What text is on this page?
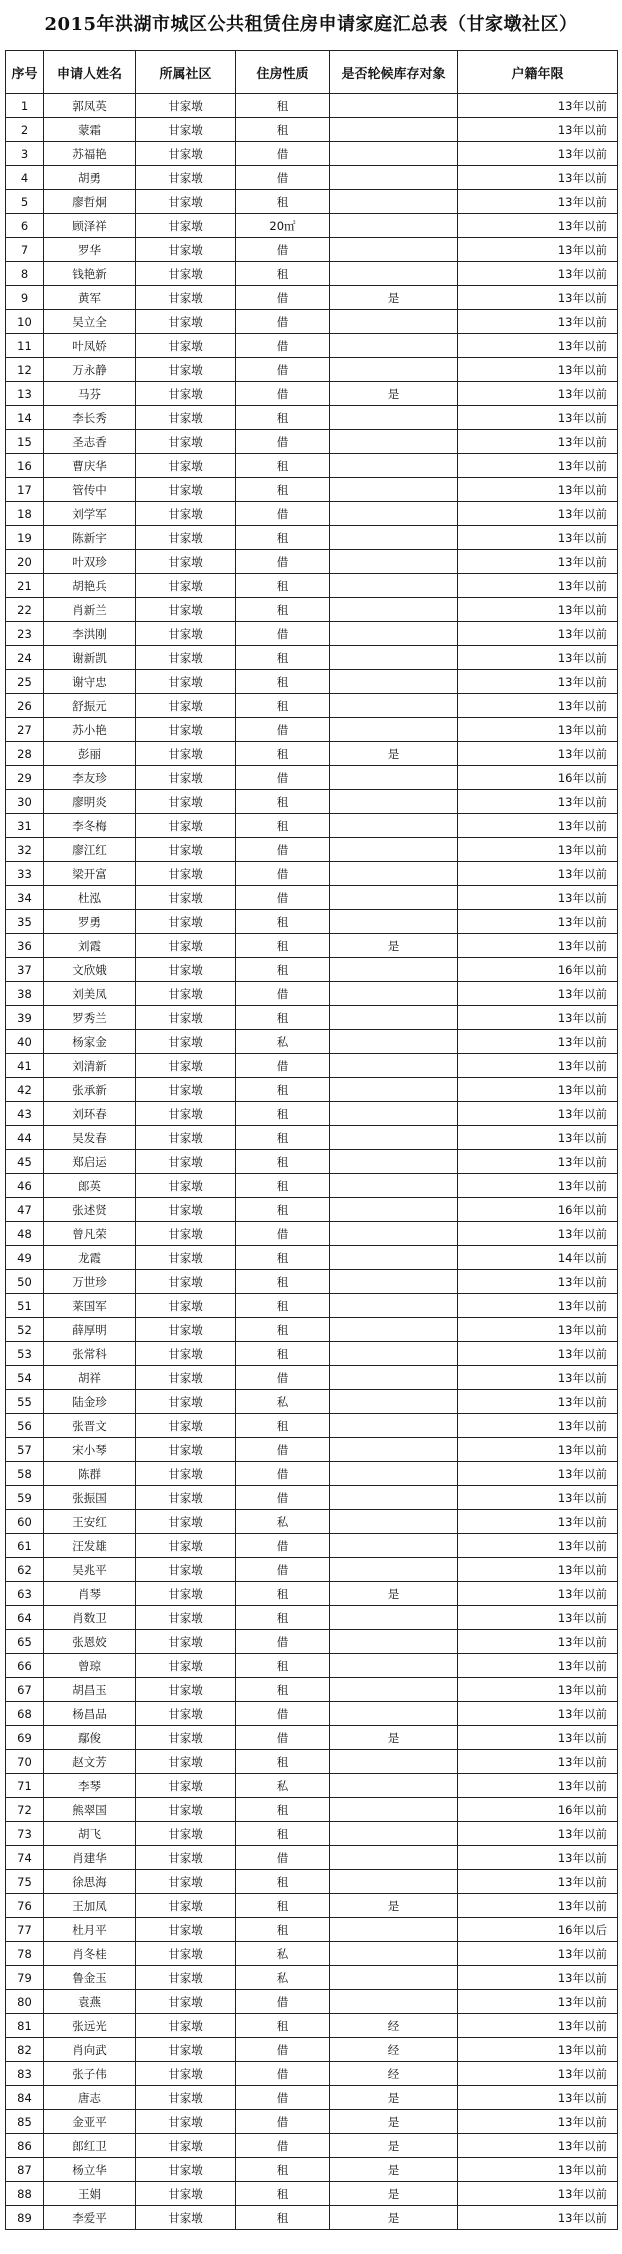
2015年洪湖市城区公共租赁住房申请家庭汇总表（甘家墩社区）
序号	申请人姓名	所属社区	住房性质	是否轮候库存对象	户籍年限
1	郭凤英	甘家墩	租		13年以前
2	蒙霜	甘家墩	租		13年以前
3	苏福艳	甘家墩	借		13年以前
4	胡勇	甘家墩	借		13年以前
5	廖哲炯	甘家墩	租		13年以前
6	顾泽祥	甘家墩	20㎡		13年以前
7	罗华	甘家墩	借		13年以前
8	钱艳新	甘家墩	租		13年以前
9	黄军	甘家墩	借	是	13年以前
10	吴立全	甘家墩	借		13年以前
11	叶凤娇	甘家墩	借		13年以前
12	万永静	甘家墩	借		13年以前
13	马芬	甘家墩	借	是	13年以前
14	李长秀	甘家墩	租		13年以前
15	圣志香	甘家墩	借		13年以前
16	曹庆华	甘家墩	租		13年以前
17	管传中	甘家墩	租		13年以前
18	刘学军	甘家墩	借		13年以前
19	陈新宇	甘家墩	租		13年以前
20	叶双珍	甘家墩	借		13年以前
21	胡艳兵	甘家墩	租		13年以前
22	肖新兰	甘家墩	租		13年以前
23	李洪刚	甘家墩	借		13年以前
24	谢新凯	甘家墩	租		13年以前
25	谢守忠	甘家墩	租		13年以前
26	舒振元	甘家墩	租		13年以前
27	苏小艳	甘家墩	借		13年以前
28	彭丽	甘家墩	租	是	13年以前
29	李友珍	甘家墩	借		16年以前
30	廖明炎	甘家墩	租		13年以前
31	李冬梅	甘家墩	租		13年以前
32	廖江红	甘家墩	借		13年以前
33	梁开富	甘家墩	借		13年以前
34	杜泓	甘家墩	借		13年以前
35	罗勇	甘家墩	租		13年以前
36	刘霞	甘家墩	租	是	13年以前
37	文欣娥	甘家墩	租		16年以前
38	刘美凤	甘家墩	借		13年以前
39	罗秀兰	甘家墩	租		13年以前
40	杨家金	甘家墩	私		13年以前
41	刘清新	甘家墩	借		13年以前
42	张承新	甘家墩	租		13年以前
43	刘环春	甘家墩	租		13年以前
44	吴发春	甘家墩	租		13年以前
45	郑启运	甘家墩	租		13年以前
46	郎英	甘家墩	租		13年以前
47	张述贤	甘家墩	租		16年以前
48	曾凡荣	甘家墩	借		13年以前
49	龙霞	甘家墩	租		14年以前
50	万世珍	甘家墩	租		13年以前
51	莱国军	甘家墩	租		13年以前
52	薛厚明	甘家墩	租		13年以前
53	张常科	甘家墩	租		13年以前
54	胡祥	甘家墩	借		13年以前
55	陆金珍	甘家墩	私		13年以前
56	张晋文	甘家墩	租		13年以前
57	宋小琴	甘家墩	借		13年以前
58	陈群	甘家墩	借		13年以前
59	张振国	甘家墩	借		13年以前
60	王安红	甘家墩	私		13年以前
61	汪发雄	甘家墩	借		13年以前
62	吴兆平	甘家墩	借		13年以前
63	肖琴	甘家墩	租	是	13年以前
64	肖数卫	甘家墩	租		13年以前
65	张恩姣	甘家墩	借		13年以前
66	曾琼	甘家墩	租		13年以前
67	胡昌玉	甘家墩	租		13年以前
68	杨昌品	甘家墩	借		13年以前
69	鄢俊	甘家墩	借	是	13年以前
70	赵文芳	甘家墩	租		13年以前
71	李琴	甘家墩	私		13年以前
72	熊翠国	甘家墩	租		16年以前
73	胡飞	甘家墩	租		13年以前
74	肖建华	甘家墩	借		13年以前
75	徐思海	甘家墩	租		13年以前
76	王加凤	甘家墩	租	是	13年以前
77	杜月平	甘家墩	租		16年以后
78	肖冬桂	甘家墩	私		13年以前
79	鲁金玉	甘家墩	私		13年以前
80	袁燕	甘家墩	借		13年以前
81	张远光	甘家墩	租	经	13年以前
82	肖向武	甘家墩	借	经	13年以前
83	张子伟	甘家墩	借	经	13年以前
84	唐志	甘家墩	借	是	13年以前
85	金亚平	甘家墩	借	是	13年以前
86	郎红卫	甘家墩	借	是	13年以前
87	杨立华	甘家墩	租	是	13年以前
88	王娟	甘家墩	租	是	13年以前
89	李爱平	甘家墩	租	是	13年以前
